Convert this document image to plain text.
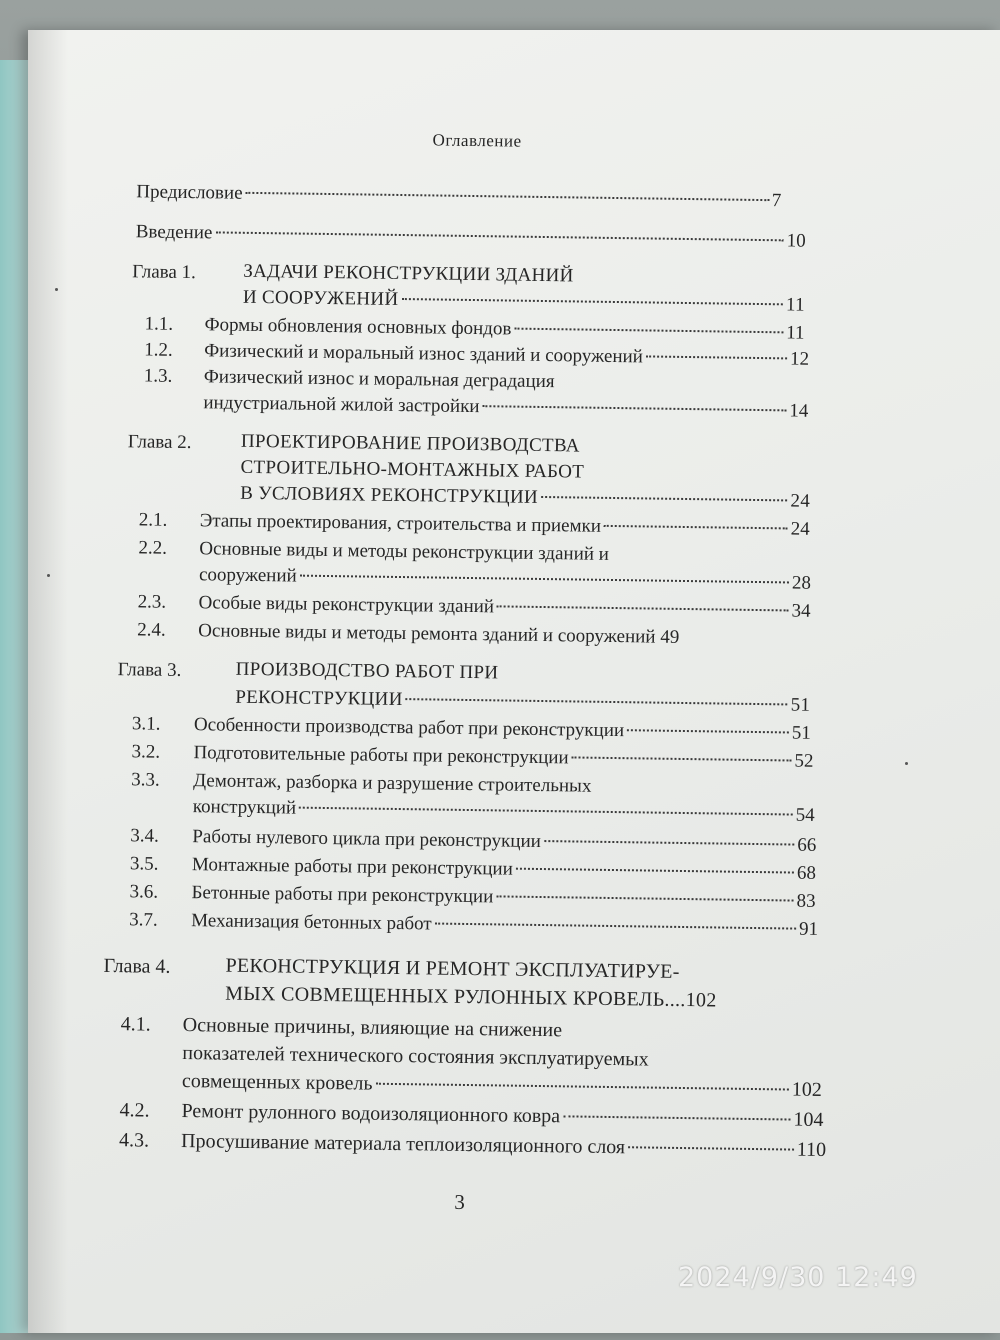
Оглавление
Предисловие	7
Введение	10
Глава 1. ЗАДАЧИ РЕКОНСТРУКЦИИ ЗДАНИЙ
И СООРУЖЕНИЙ	11
1.1. Формы обновления основных фондов	11
1.2. Физический и моральный износ зданий и сооружений	12
1.3. Физический износ и моральная деградация
индустриальной жилой застройки	14
Глава 2.	ПРОЕКТИРОВАНИЕ ПРОИЗВОДСТВА
СТРОИТЕЛЬНО-МОНТАЖНЫХ РАБОТ
В УСЛОВИЯХ РЕКОНСТРУКЦИИ	24
2.1. Этапы проектирования, строительства и приемки	24
2.2. Основные виды и методы реконструкции зданий и
сооружений	28
2.3. Особые виды реконструкции зданий	34
2.4. Основные виды и методы ремонта зданий и сооружений 49
Глава 3.	ПРОИЗВОДСТВО РАБОТ ПРИ
РЕКОНСТРУКЦИИ	51
3.1. Особенности производства работ при реконструкции	51
3.2. Подготовительные работы при реконструкции	52
3.3. Демонтаж, разборка и разрушение строительных
конструкций	54
3.4. Работы нулевого цикла при реконструкции	66
3.5. Монтажные работы при реконструкции	68
3.6. Бетонные работы при реконструкции	83
3.7. Механизация бетонных работ	91
Глава 4.	РЕКОНСТРУКЦИЯ И РЕМОНТ ЭКСПЛУАТИРУЕ-
МЫХ СОВМЕЩЕННЫХ РУЛОННЫХ КРОВЕЛЬ....102
4.1. Основные причины, влияющие на снижение
показателей технического состояния эксплуатируемых
совмещенных кровель	102
4.2. Ремонт рулонного водоизоляционного ковра	104
4.3. Просушивание материала теплоизоляционного слоя	110
3
2024/9/30 12:49
